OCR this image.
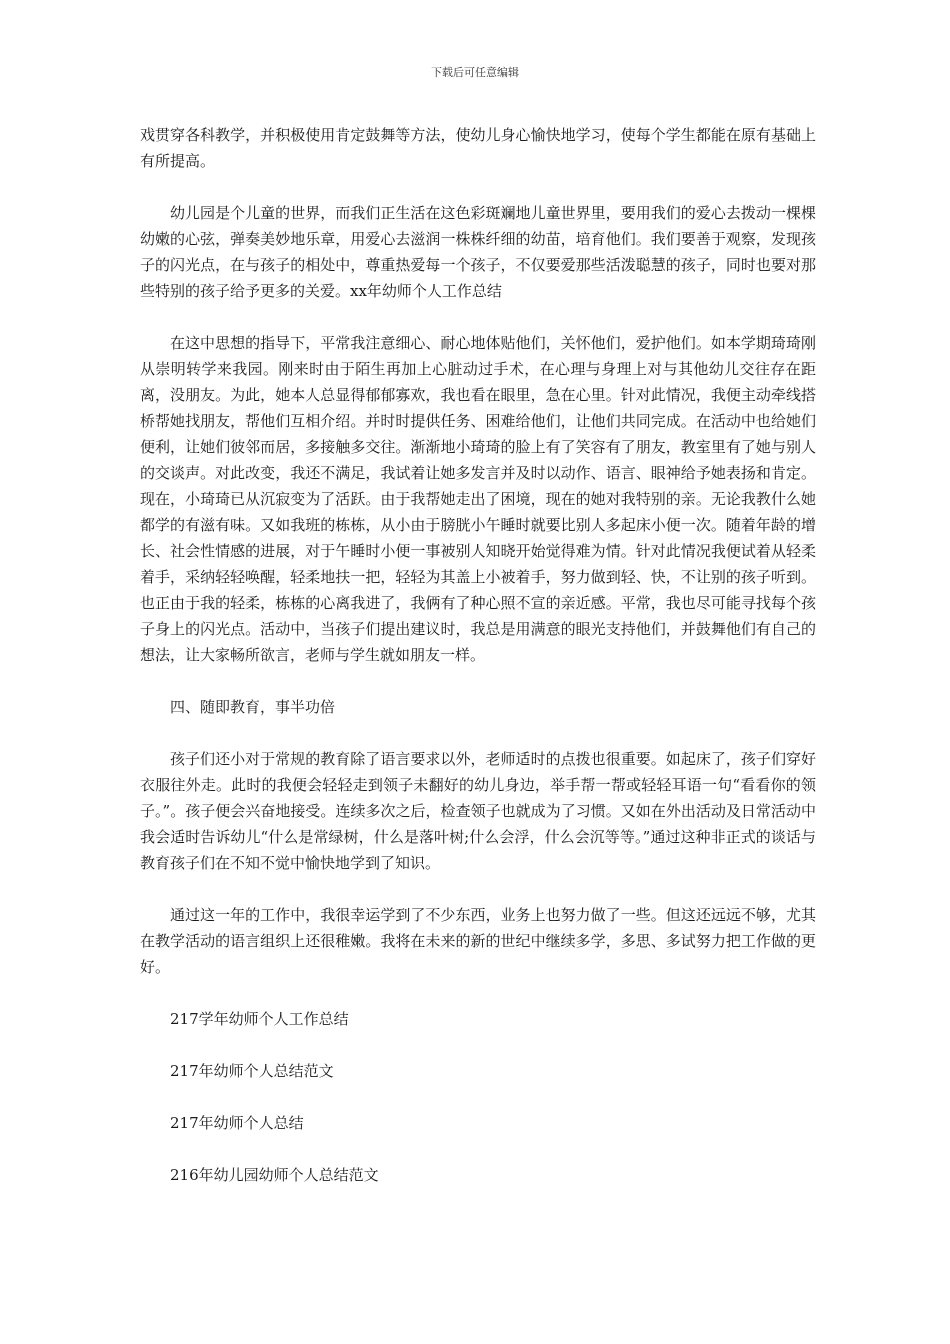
下载后可任意编辑

戏贯穿各科教学，并积极使用肯定鼓舞等方法，使幼儿身心愉快地学习，使每个学生都能在原有基础上有所提高。

幼儿园是个儿童的世界，而我们正生活在这色彩斑斓地儿童世界里，要用我们的爱心去拨动一棵棵幼嫩的心弦，弹奏美妙地乐章，用爱心去滋润一株株纤细的幼苗，培育他们。我们要善于观察，发现孩子的闪光点，在与孩子的相处中，尊重热爱每一个孩子，不仅要爱那些活泼聪慧的孩子，同时也要对那些特别的孩子给予更多的关爱。xx年幼师个人工作总结

在这中思想的指导下，平常我注意细心、耐心地体贴他们，关怀他们，爱护他们。如本学期琦琦刚从崇明转学来我园。刚来时由于陌生再加上心脏动过手术，在心理与身理上对与其他幼儿交往存在距离，没朋友。为此，她本人总显得郁郁寡欢，我也看在眼里，急在心里。针对此情况，我便主动牵线搭桥帮她找朋友，帮他们互相介绍。并时时提供任务、困难给他们，让他们共同完成。在活动中也给她们便利，让她们彼邻而居，多接触多交往。渐渐地小琦琦的脸上有了笑容有了朋友，教室里有了她与别人的交谈声。对此改变，我还不满足，我试着让她多发言并及时以动作、语言、眼神给予她表扬和肯定。现在，小琦琦已从沉寂变为了活跃。由于我帮她走出了困境，现在的她对我特别的亲。无论我教什么她都学的有滋有味。又如我班的栋栋，从小由于膀胱小午睡时就要比别人多起床小便一次。随着年龄的增长、社会性情感的进展，对于午睡时小便一事被别人知晓开始觉得难为情。针对此情况我便试着从轻柔着手，采纳轻轻唤醒，轻柔地扶一把，轻轻为其盖上小被着手，努力做到轻、快，不让别的孩子听到。也正由于我的轻柔，栋栋的心离我进了，我俩有了种心照不宣的亲近感。平常，我也尽可能寻找每个孩子身上的闪光点。活动中，当孩子们提出建议时，我总是用满意的眼光支持他们，并鼓舞他们有自己的想法，让大家畅所欲言，老师与学生就如朋友一样。

四、随即教育，事半功倍

孩子们还小对于常规的教育除了语言要求以外，老师适时的点拨也很重要。如起床了，孩子们穿好衣服往外走。此时的我便会轻轻走到领子未翻好的幼儿身边，举手帮一帮或轻轻耳语一句“看看你的领子。”。孩子便会兴奋地接受。连续多次之后，检查领子也就成为了习惯。又如在外出活动及日常活动中我会适时告诉幼儿“什么是常绿树，什么是落叶树;什么会浮，什么会沉等等。”通过这种非正式的谈话与教育孩子们在不知不觉中愉快地学到了知识。

通过这一年的工作中，我很幸运学到了不少东西，业务上也努力做了一些。但这还远远不够，尤其在教学活动的语言组织上还很稚嫩。我将在未来的新的世纪中继续多学，多思、多试努力把工作做的更好。

217学年幼师个人工作总结

217年幼师个人总结范文

217年幼师个人总结

216年幼儿园幼师个人总结范文
